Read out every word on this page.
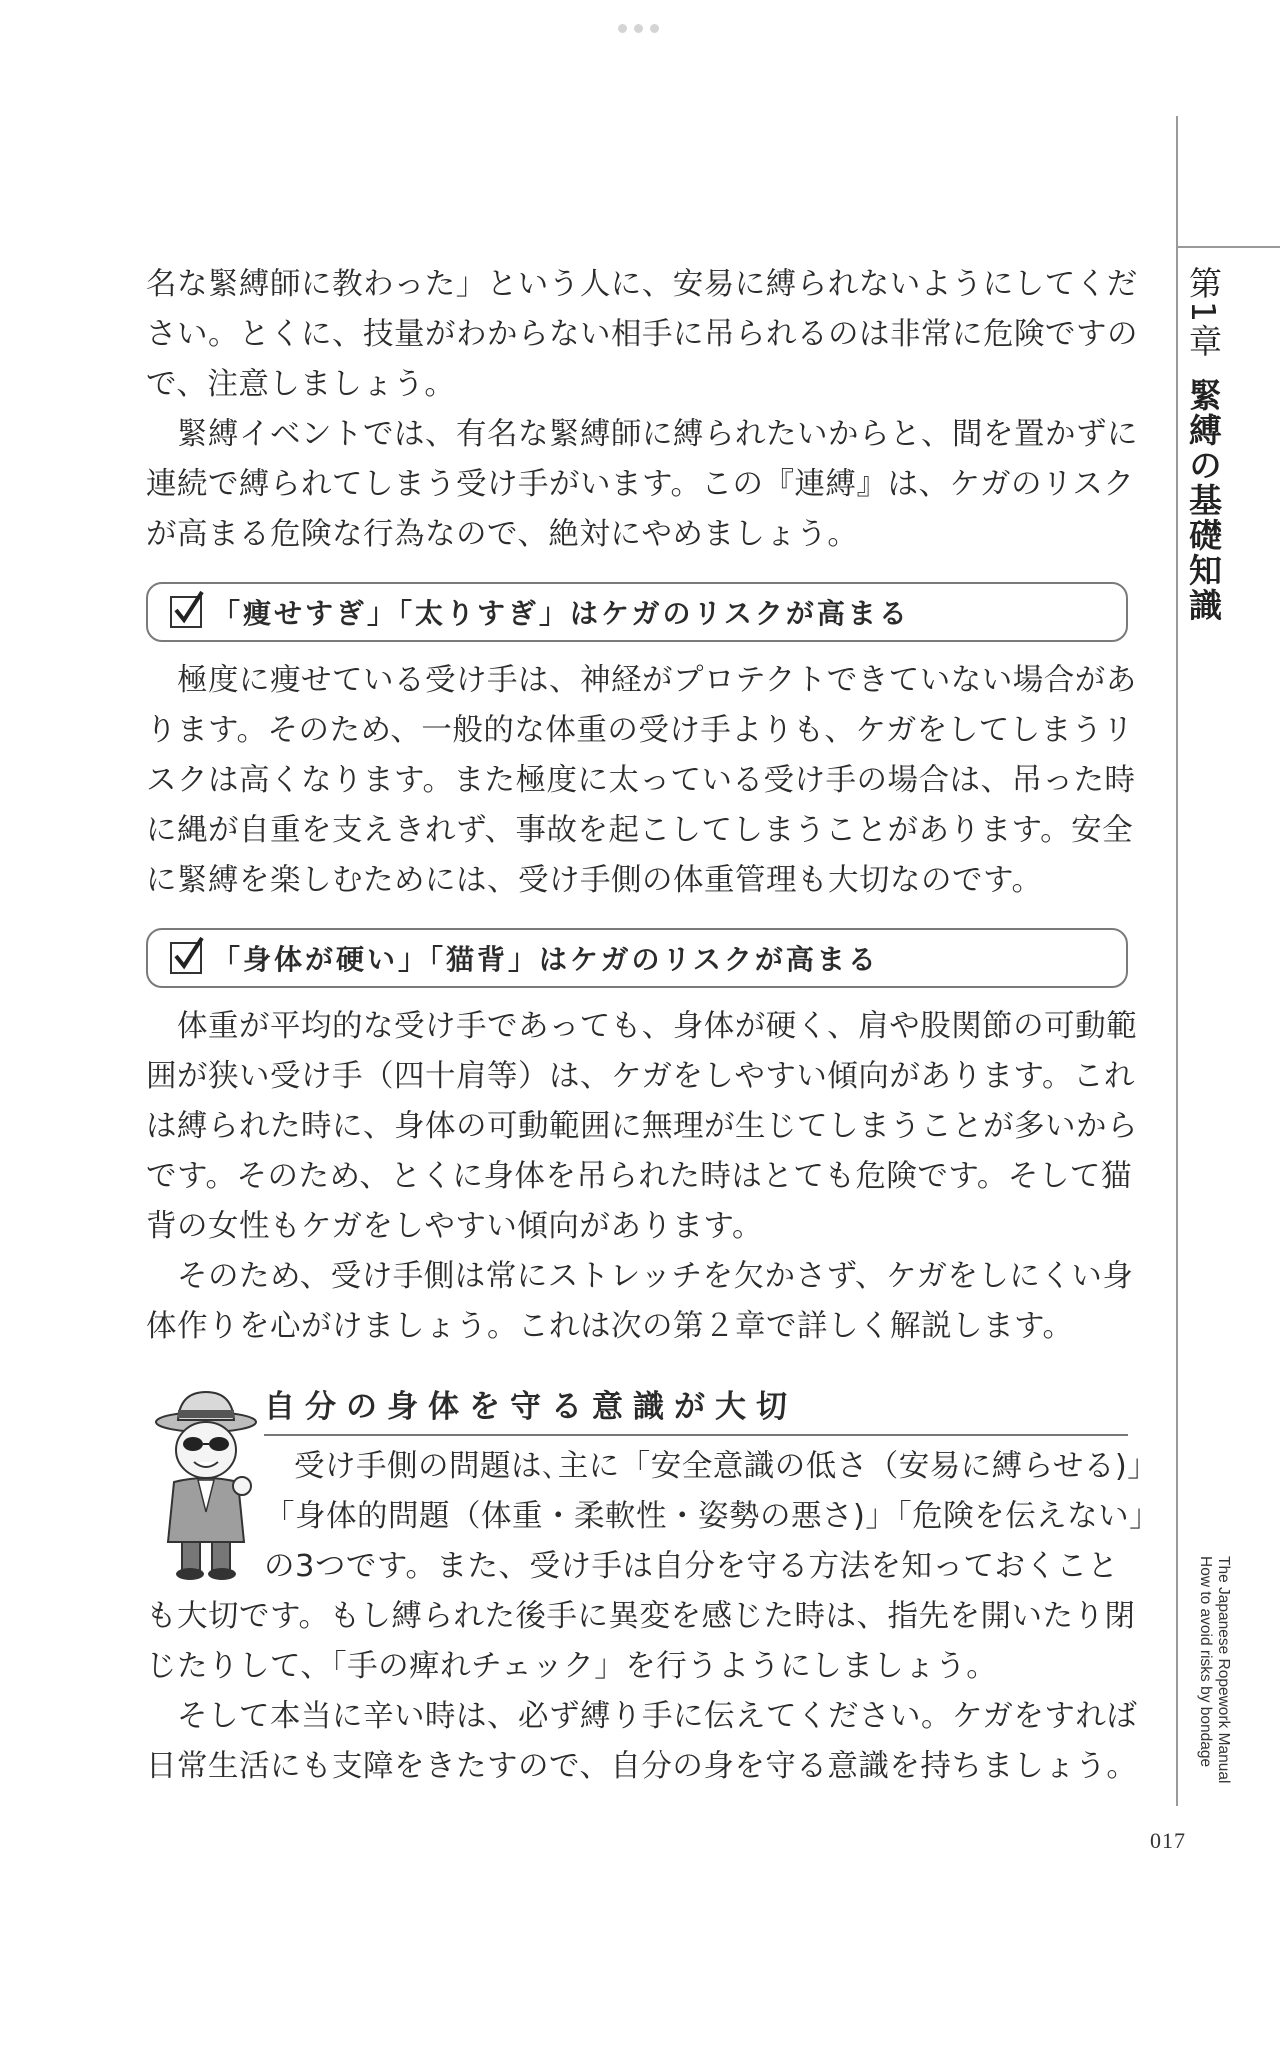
名な緊縛師に教わった」という人に、安易に縛られないようにしてくだ

さい。とくに、技量がわからない相手に吊られるのは非常に危険ですの

で、注意しましょう。

緊縛イベントでは、有名な緊縛師に縛られたいからと、間を置かずに

連続で縛られてしまう受け手がいます。この『連縛』は、ケガのリスク

が高まる危険な行為なので、絶対にやめましょう。

「痩せすぎ」「太りすぎ」はケガのリスクが高まる

極度に痩せている受け手は、神経がプロテクトできていない場合があ

ります。そのため、一般的な体重の受け手よりも、ケガをしてしまうリ

スクは高くなります。また極度に太っている受け手の場合は、吊った時

に縄が自重を支えきれず、事故を起こしてしまうことがあります。安全

に緊縛を楽しむためには、受け手側の体重管理も大切なのです。

「身体が硬い」「猫背」はケガのリスクが高まる

体重が平均的な受け手であっても、身体が硬く、肩や股関節の可動範

囲が狭い受け手（四十肩等）は、ケガをしやすい傾向があります。これ

は縛られた時に、身体の可動範囲に無理が生じてしまうことが多いから

です。そのため、とくに身体を吊られた時はとても危険です。そして猫

背の女性もケガをしやすい傾向があります。

そのため、受け手側は常にストレッチを欠かさず、ケガをしにくい身

体作りを心がけましょう。これは次の第２章で詳しく解説します。

自分の身体を守る意識が大切

受け手側の問題は､主に「安全意識の低さ（安易に縛らせる)」

「身体的問題（体重・柔軟性・姿勢の悪さ)」「危険を伝えない」

の3つです。また、受け手は自分を守る方法を知っておくこと

も大切です。もし縛られた後手に異変を感じた時は、指先を開いたり閉

じたりして、「手の痺れチェック」を行うようにしましょう。

そして本当に辛い時は、必ず縛り手に伝えてください。ケガをすれば

日常生活にも支障をきたすので、自分の身を守る意識を持ちましょう。

第1章
緊縛の基礎知識
The Japanese Ropework Manual
How to avoid risks by bondage
017
